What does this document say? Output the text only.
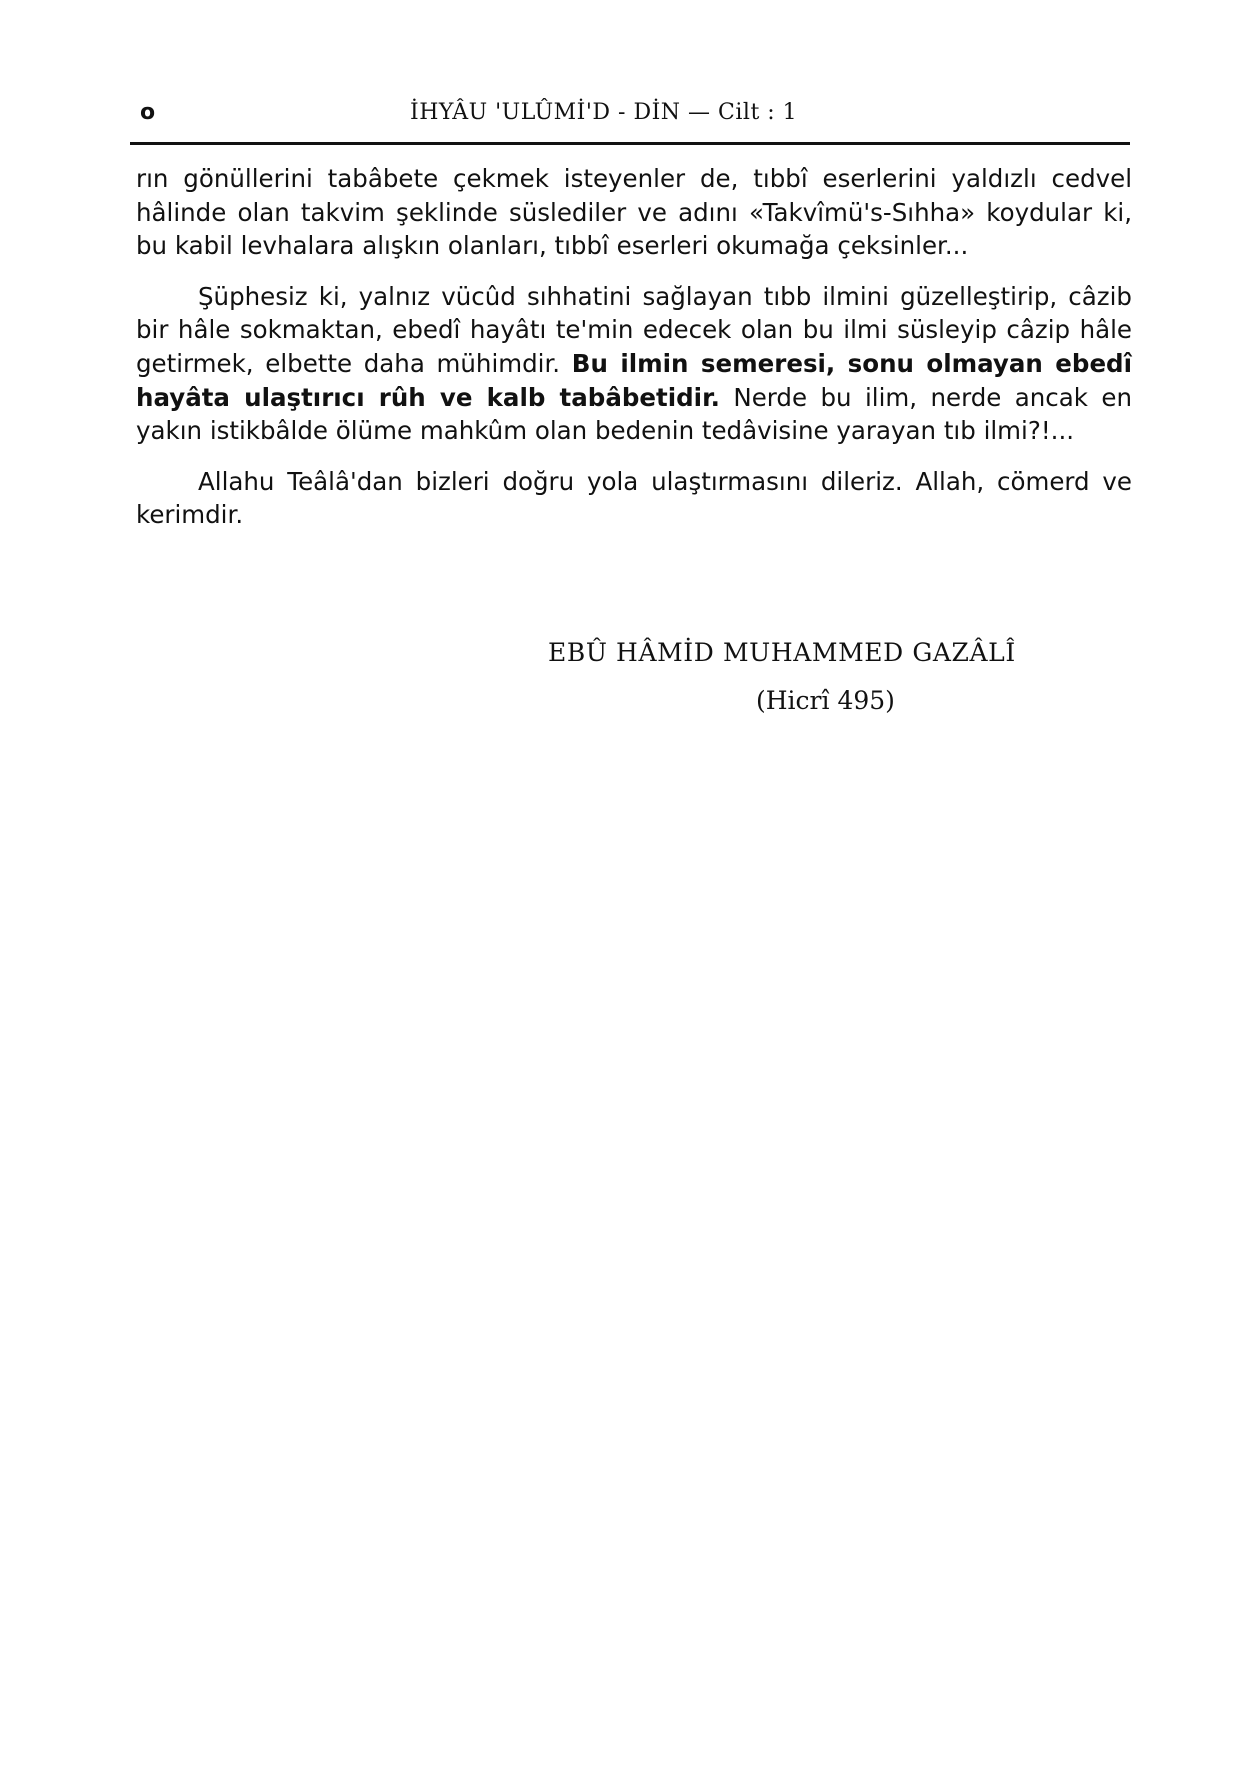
o	İHYÂU 'ULÛMİ'D - DİN — Cilt : 1

rın gönüllerini tabâbete çekmek isteyenler de, tıbbî eserlerini yaldızlı cedvel hâlinde olan takvim şeklinde süslediler ve adını «Takvîmü's-Sıhha» koydular ki, bu kabil levhalara alışkın olanları, tıbbî eserleri okumağa çeksinler...

Şüphesiz ki, yalnız vücûd sıhhatini sağlayan tıbb ilmini güzelleştirip, câzib bir hâle sokmaktan, ebedî hayâtı te'min edecek olan bu ilmi süsleyip câzip hâle getirmek, elbette daha mühimdir. Bu ilmin semeresi, sonu olmayan ebedî hayâta ulaştırıcı rûh ve kalb tabâbetidir. Nerde bu ilim, nerde ancak en yakın istikbâlde ölüme mahkûm olan bedenin tedâvisine yarayan tıb ilmi?!...

Allahu Teâlâ'dan bizleri doğru yola ulaştırmasını dileriz. Allah, cömerd ve kerimdir.

EBÛ HÂMİD MUHAMMED GAZÂLÎ
(Hicrî 495)
